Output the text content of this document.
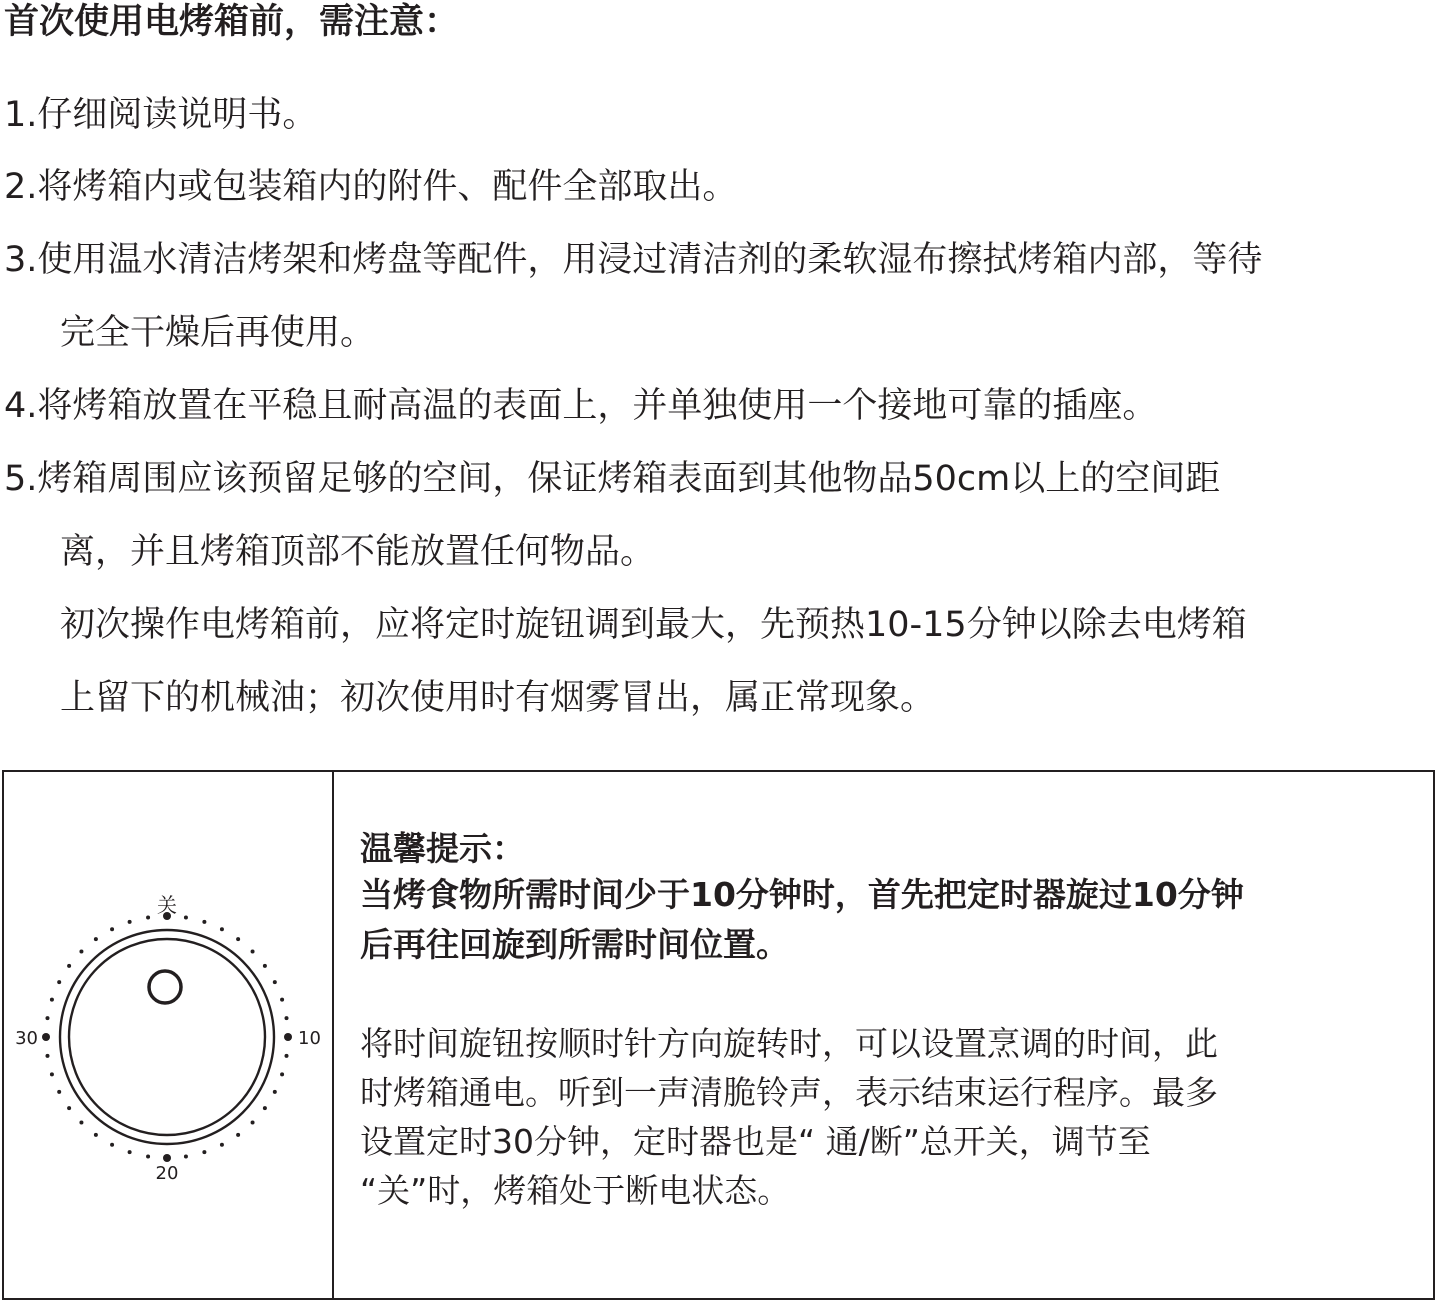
首次使用电烤箱前，需注意：
1.仔细阅读说明书。
2.将烤箱内或包装箱内的附件、配件全部取出。
3.使用温水清洁烤架和烤盘等配件，用浸过清洁剂的柔软湿布擦拭烤箱内部，等待
完全干燥后再使用。
4.将烤箱放置在平稳且耐高温的表面上，并单独使用一个接地可靠的插座。
5.烤箱周围应该预留足够的空间，保证烤箱表面到其他物品50cm以上的空间距
离，并且烤箱顶部不能放置任何物品。
初次操作电烤箱前，应将定时旋钮调到最大，先预热10-15分钟以除去电烤箱
上留下的机械油；初次使用时有烟雾冒出，属正常现象。
关
10
20
30
温馨提示：
当烤食物所需时间少于10分钟时，首先把定时器旋过10分钟
后再往回旋到所需时间位置。
将时间旋钮按顺时针方向旋转时，可以设置烹调的时间，此
时烤箱通电。听到一声清脆铃声，表示结束运行程序。最多
设置定时30分钟，定时器也是“ 通/断”总开关，调节至
“关”时，烤箱处于断电状态。
